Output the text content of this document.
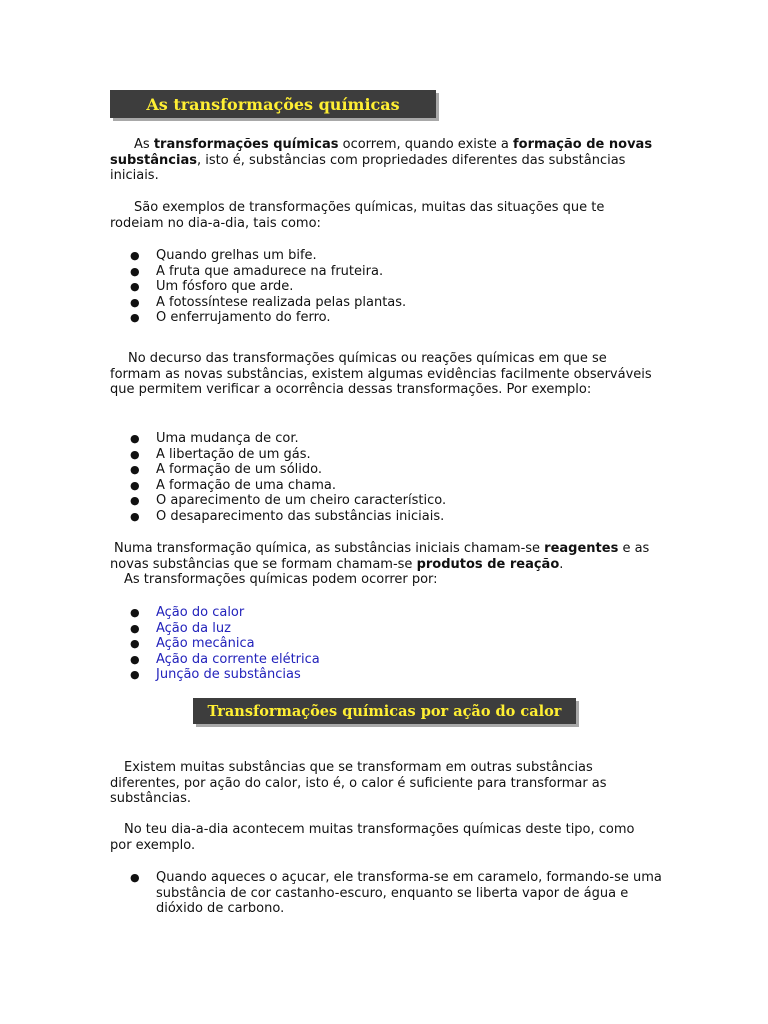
As transformações químicas

As transformações químicas ocorrem, quando existe a formação de novas substâncias, isto é, substâncias com propriedades diferentes das substâncias iniciais.

São exemplos de transformações químicas, muitas das situações que te rodeiam no dia-a-dia, tais como:

● Quando grelhas um bife.
● A fruta que amadurece na fruteira.
● Um fósforo que arde.
● A fotossíntese realizada pelas plantas.
● O enferrujamento do ferro.

No decurso das transformações químicas ou reações químicas em que se formam as novas substâncias, existem algumas evidências facilmente observáveis que permitem verificar a ocorrência dessas transformações. Por exemplo:

● Uma mudança de cor.
● A libertação de um gás.
● A formação de um sólido.
● A formação de uma chama.
● O aparecimento de um cheiro característico.
● O desaparecimento das substâncias iniciais.

Numa transformação química, as substâncias iniciais chamam-se reagentes e as novas substâncias que se formam chamam-se produtos de reação.
As transformações químicas podem ocorrer por:

● Ação do calor
● Ação da luz
● Ação mecânica
● Ação da corrente elétrica
● Junção de substâncias
Transformações químicas por ação do calor

Existem muitas substâncias que se transformam em outras substâncias diferentes, por ação do calor, isto é, o calor é suficiente para transformar as substâncias.

No teu dia-a-dia acontecem muitas transformações químicas deste tipo, como por exemplo.

● Quando aqueces o açucar, ele transforma-se em caramelo, formando-se uma substância de cor castanho-escuro, enquanto se liberta vapor de água e dióxido de carbono.
